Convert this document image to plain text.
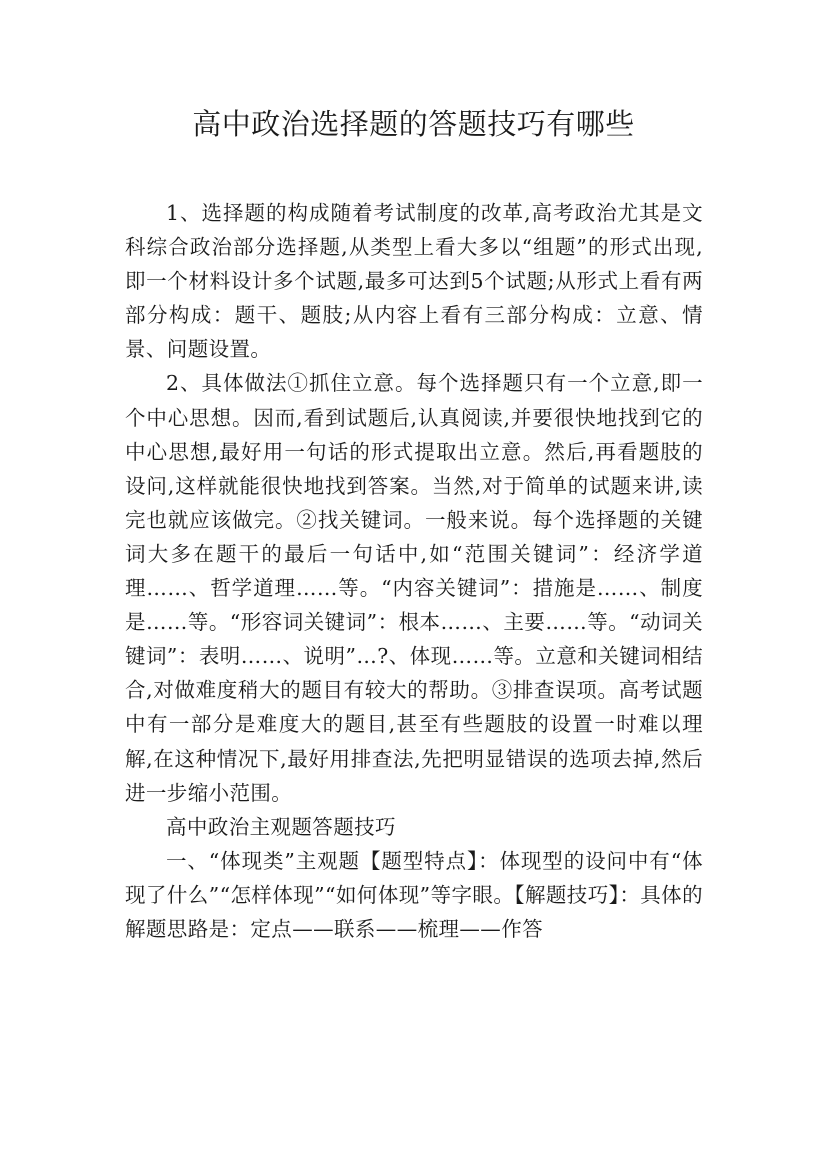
高中政治选择题的答题技巧有哪些

1、选择题的构成随着考试制度的改革,高考政治尤其是文科综合政治部分选择题,从类型上看大多以“组题”的形式出现,即一个材料设计多个试题,最多可达到5个试题;从形式上看有两部分构成：题干、题肢;从内容上看有三部分构成：立意、情景、问题设置。

2、具体做法①抓住立意。每个选择题只有一个立意,即一个中心思想。因而,看到试题后,认真阅读,并要很快地找到它的中心思想,最好用一句话的形式提取出立意。然后,再看题肢的设问,这样就能很快地找到答案。当然,对于简单的试题来讲,读完也就应该做完。②找关键词。一般来说。每个选择题的关键词大多在题干的最后一句话中,如“范围关键词”：经济学道理……、哲学道理……等。“内容关键词”：措施是……、制度是……等。“形容词关键词”：根本……、主要……等。“动词关键词”：表明……、说明”…?、体现……等。立意和关键词相结合,对做难度稍大的题目有较大的帮助。③排查误项。高考试题中有一部分是难度大的题目,甚至有些题肢的设置一时难以理解,在这种情况下,最好用排查法,先把明显错误的选项去掉,然后进一步缩小范围。

高中政治主观题答题技巧

一、“体现类”主观题【题型特点】：体现型的设问中有“体现了什么”“怎样体现”“如何体现”等字眼。【解题技巧】：具体的解题思路是：定点——联系——梳理——作答
